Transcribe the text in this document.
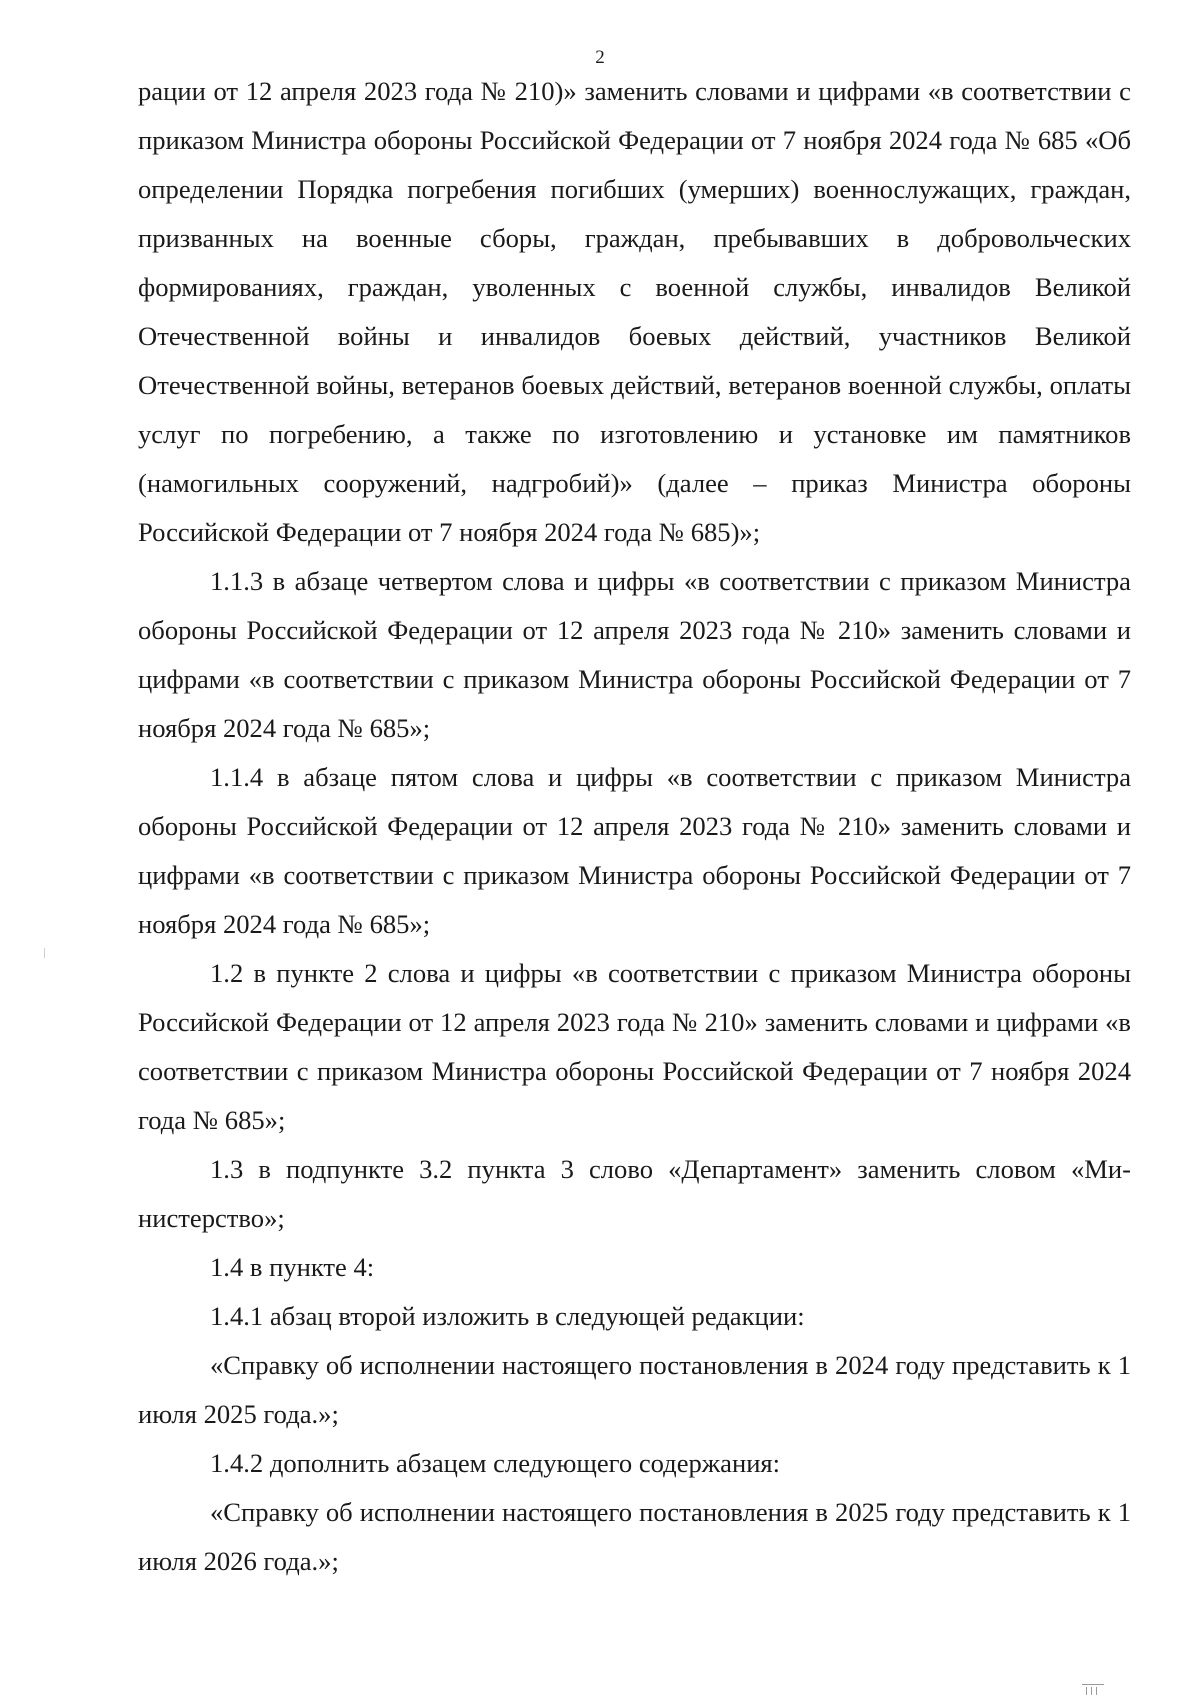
2

рации от 12 апреля 2023 года № 210)» заменить словами и цифрами «в соответствии с приказом Министра обороны Российской Федерации от 7 ноября 2024 года № 685 «Об определении Порядка погребения погибших (умерших) военнослужащих, граждан, призванных на военные сборы, граждан, пребывавших в добровольческих формированиях, граждан, уволенных с военной службы, инвалидов Великой Отечественной войны и инвалидов боевых действий, участников Великой Отечественной войны, ветеранов боевых действий, ветеранов военной службы, оплаты услуг по погребению, а также по изготовлению и установке им памятников (намогильных сооружений, надгробий)» (далее – приказ Министра обороны Российской Федерации от 7 ноября 2024 года № 685)»;

1.1.3 в абзаце четвертом слова и цифры «в соответствии с приказом Министра обороны Российской Федерации от 12 апреля 2023 года № 210» заменить словами и цифрами «в соответствии с приказом Министра обороны Российской Федерации от 7 ноября 2024 года № 685»;

1.1.4 в абзаце пятом слова и цифры «в соответствии с приказом Министра обороны Российской Федерации от 12 апреля 2023 года № 210» заменить словами и цифрами «в соответствии с приказом Министра обороны Российской Федерации от 7 ноября 2024 года № 685»;

1.2 в пункте 2 слова и цифры «в соответствии с приказом Министра обороны Российской Федерации от 12 апреля 2023 года № 210» заменить словами и цифрами «в соответствии с приказом Министра обороны Российской Федерации от 7 ноября 2024 года № 685»;

1.3 в подпункте 3.2 пункта 3 слово «Департамент» заменить словом «Министерство»;

1.4 в пункте 4:

1.4.1 абзац второй изложить в следующей редакции:

«Справку об исполнении настоящего постановления в 2024 году представить к 1 июля 2025 года.»;

1.4.2 дополнить абзацем следующего содержания:

«Справку об исполнении настоящего постановления в 2025 году представить к 1 июля 2026 года.»;
